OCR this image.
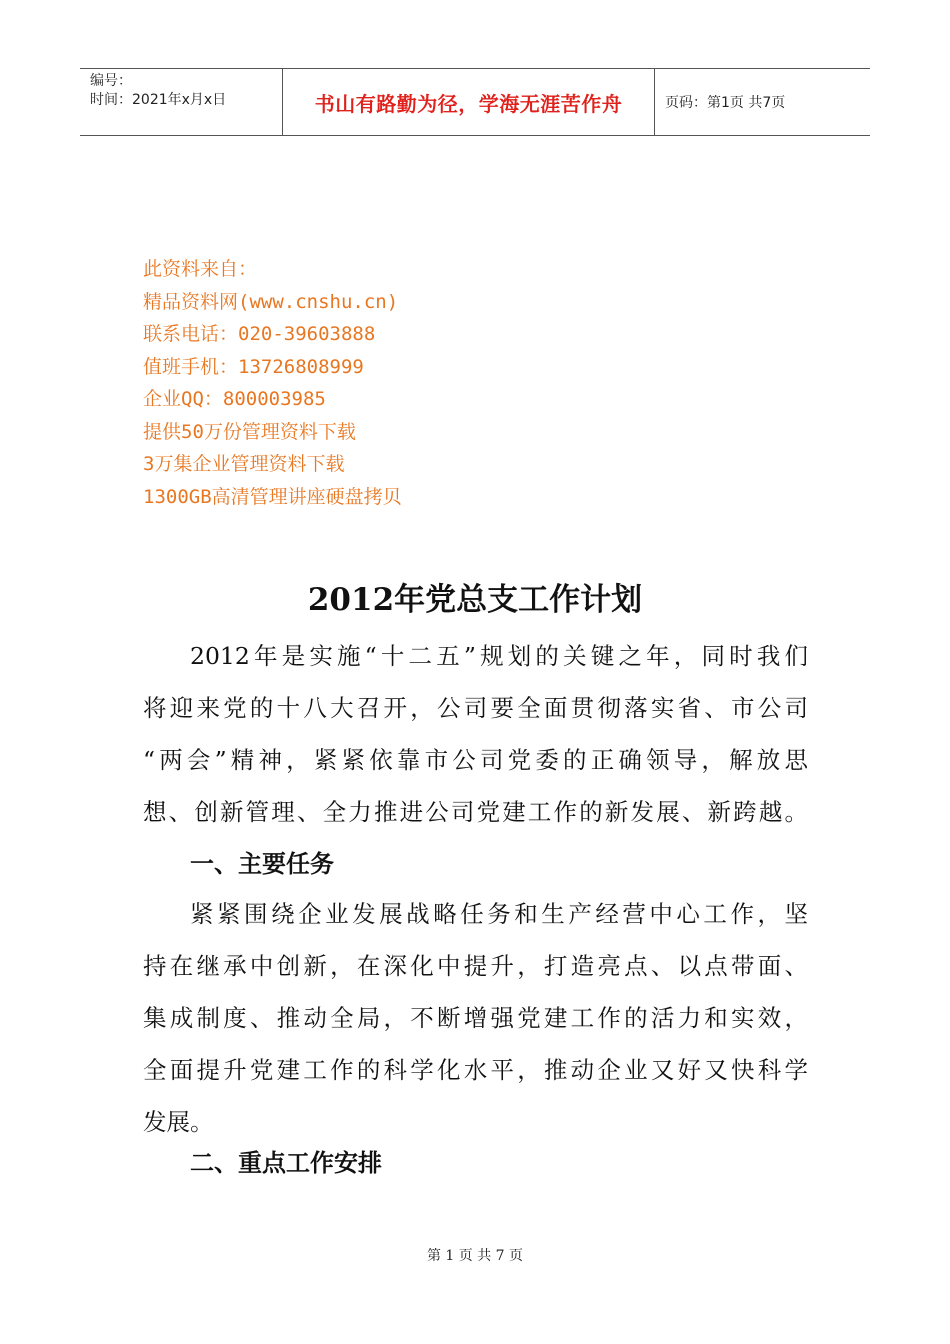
编号：
时间：2021年x月x日	书山有路勤为径，学海无涯苦作舟	页码：第1页 共7页
此资料来自：
精品资料网(www.cnshu.cn)
联系电话：020-39603888
值班手机：13726808999
企业QQ：800003985
提供50万份管理资料下载
3万集企业管理资料下载
1300GB高清管理讲座硬盘拷贝
2012年党总支工作计划
2012年是实施“十二五”规划的关键之年，同时我们
将迎来党的十八大召开，公司要全面贯彻落实省、市公司
“两会”精神，紧紧依靠市公司党委的正确领导，解放思
想、创新管理、全力推进公司党建工作的新发展、新跨越。
一、主要任务
紧紧围绕企业发展战略任务和生产经营中心工作，坚
持在继承中创新，在深化中提升，打造亮点、以点带面、
集成制度、推动全局，不断增强党建工作的活力和实效，
全面提升党建工作的科学化水平，推动企业又好又快科学
发展。
二、重点工作安排
第 1 页 共 7 页
